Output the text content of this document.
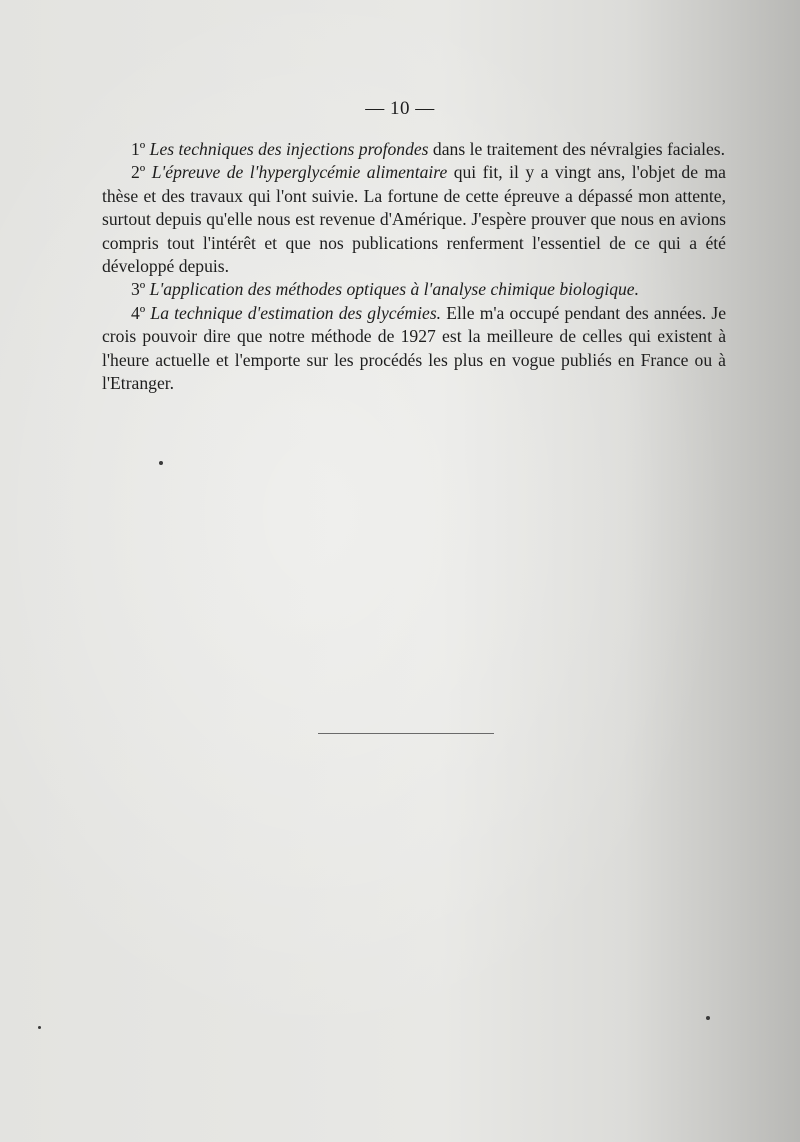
— 10 —

1º Les techniques des injections profondes dans le traitement des névralgies faciales.

2º L'épreuve de l'hyperglycémie alimentaire qui fit, il y a vingt ans, l'objet de ma thèse et des travaux qui l'ont suivie. La fortune de cette épreuve a dépassé mon attente, surtout depuis qu'elle nous est revenue d'Amérique. J'espère prouver que nous en avions compris tout l'intérêt et que nos publications renferment l'essentiel de ce qui a été développé depuis.

3º L'application des méthodes optiques à l'analyse chimique biologique.

4º La technique d'estimation des glycémies. Elle m'a occupé pendant des années. Je crois pouvoir dire que notre méthode de 1927 est la meilleure de celles qui existent à l'heure actuelle et l'emporte sur les procédés les plus en vogue publiés en France ou à l'Etranger.
